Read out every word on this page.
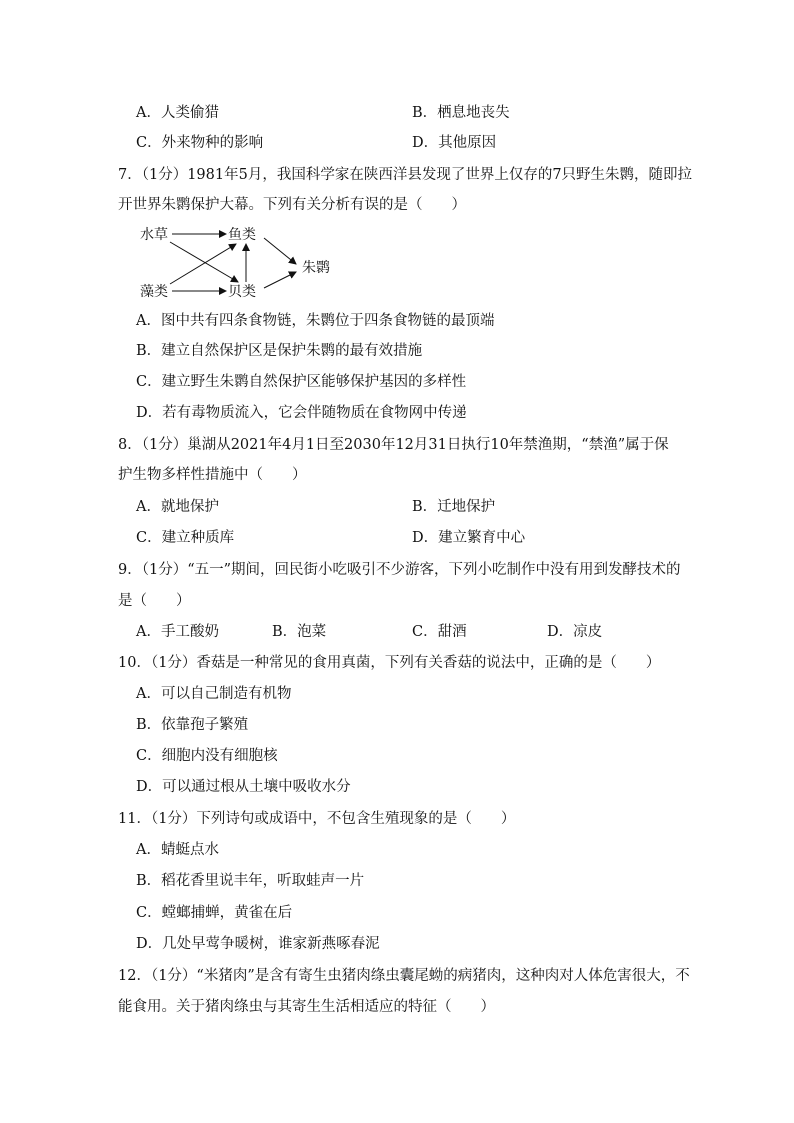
A．人类偷猎	B．栖息地丧失
C．外来物种的影响	D．其他原因
7．（1分）1981年5月，我国科学家在陕西洋县发现了世界上仅存的7只野生朱鹮，随即拉
开世界朱鹮保护大幕。下列有关分析有误的是（　　）
水草	鱼类
朱鹮
藻类	贝类
A．图中共有四条食物链，朱鹮位于四条食物链的最顶端
B．建立自然保护区是保护朱鹮的最有效措施
C．建立野生朱鹮自然保护区能够保护基因的多样性
D．若有毒物质流入，它会伴随物质在食物网中传递
8．（1分）巢湖从2021年4月1日至2030年12月31日执行10年禁渔期，“禁渔”属于保
护生物多样性措施中（　　）
A．就地保护	B．迁地保护
C．建立种质库	D．建立繁育中心
9．（1分）“五一”期间，回民街小吃吸引不少游客，下列小吃制作中没有用到发酵技术的
是（　　）
A．手工酸奶	B．泡菜	C．甜酒	D．凉皮
10．（1分）香菇是一种常见的食用真菌，下列有关香菇的说法中，正确的是（　　）
A．可以自己制造有机物
B．依靠孢子繁殖
C．细胞内没有细胞核
D．可以通过根从土壤中吸收水分
11．（1分）下列诗句或成语中，不包含生殖现象的是（　　）
A．蜻蜓点水
B．稻花香里说丰年，听取蛙声一片
C．螳螂捕蝉，黄雀在后
D．几处早莺争暖树，谁家新燕啄春泥
12．（1分）“米猪肉”是含有寄生虫猪肉绦虫囊尾蚴的病猪肉，这种肉对人体危害很大，不
能食用。关于猪肉绦虫与其寄生生活相适应的特征（　　）
